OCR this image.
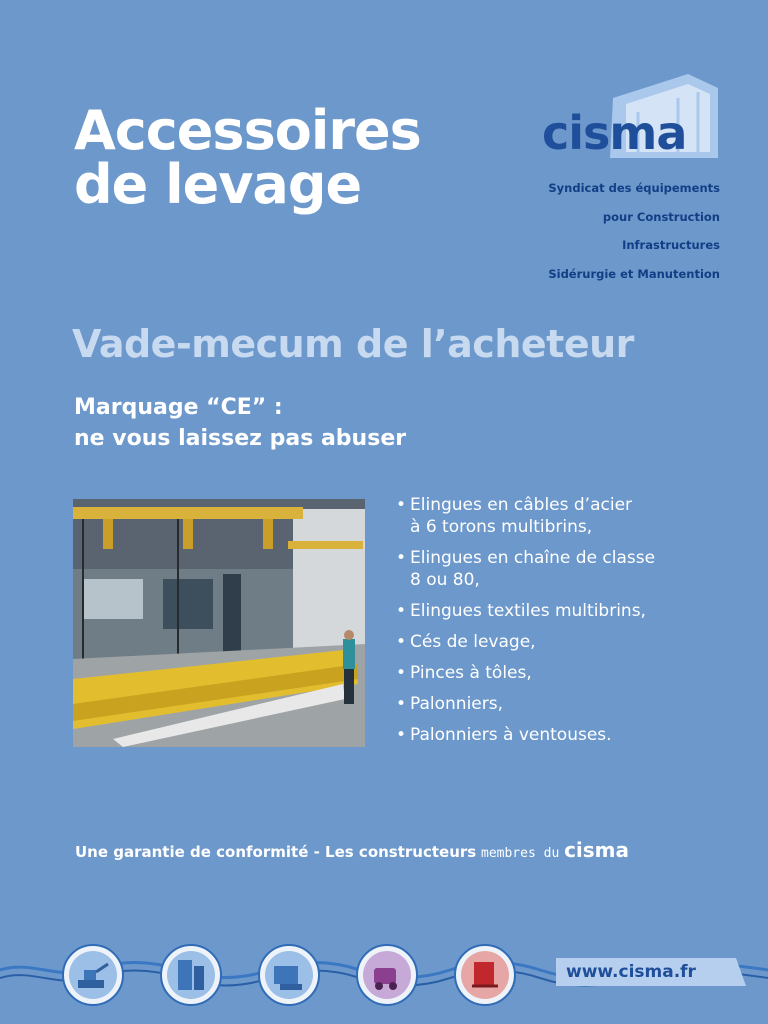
Accessoires
de levage
cisma
Syndicat des équipements
pour Construction
Infrastructures
Sidérurgie et Manutention
Vade-mecum de l’acheteur
Marquage “CE” :
ne vous laissez pas abuser
• Elingues en câbles d’acier
à 6 torons multibrins,
• Elingues en chaîne de classe
8 ou 80,
• Elingues textiles multibrins,
• Cés de levage,
• Pinces à tôles,
• Palonniers,
• Palonniers à ventouses.
Une garantie de conformité - Les constructeurs membres du cisma
www.cisma.fr
